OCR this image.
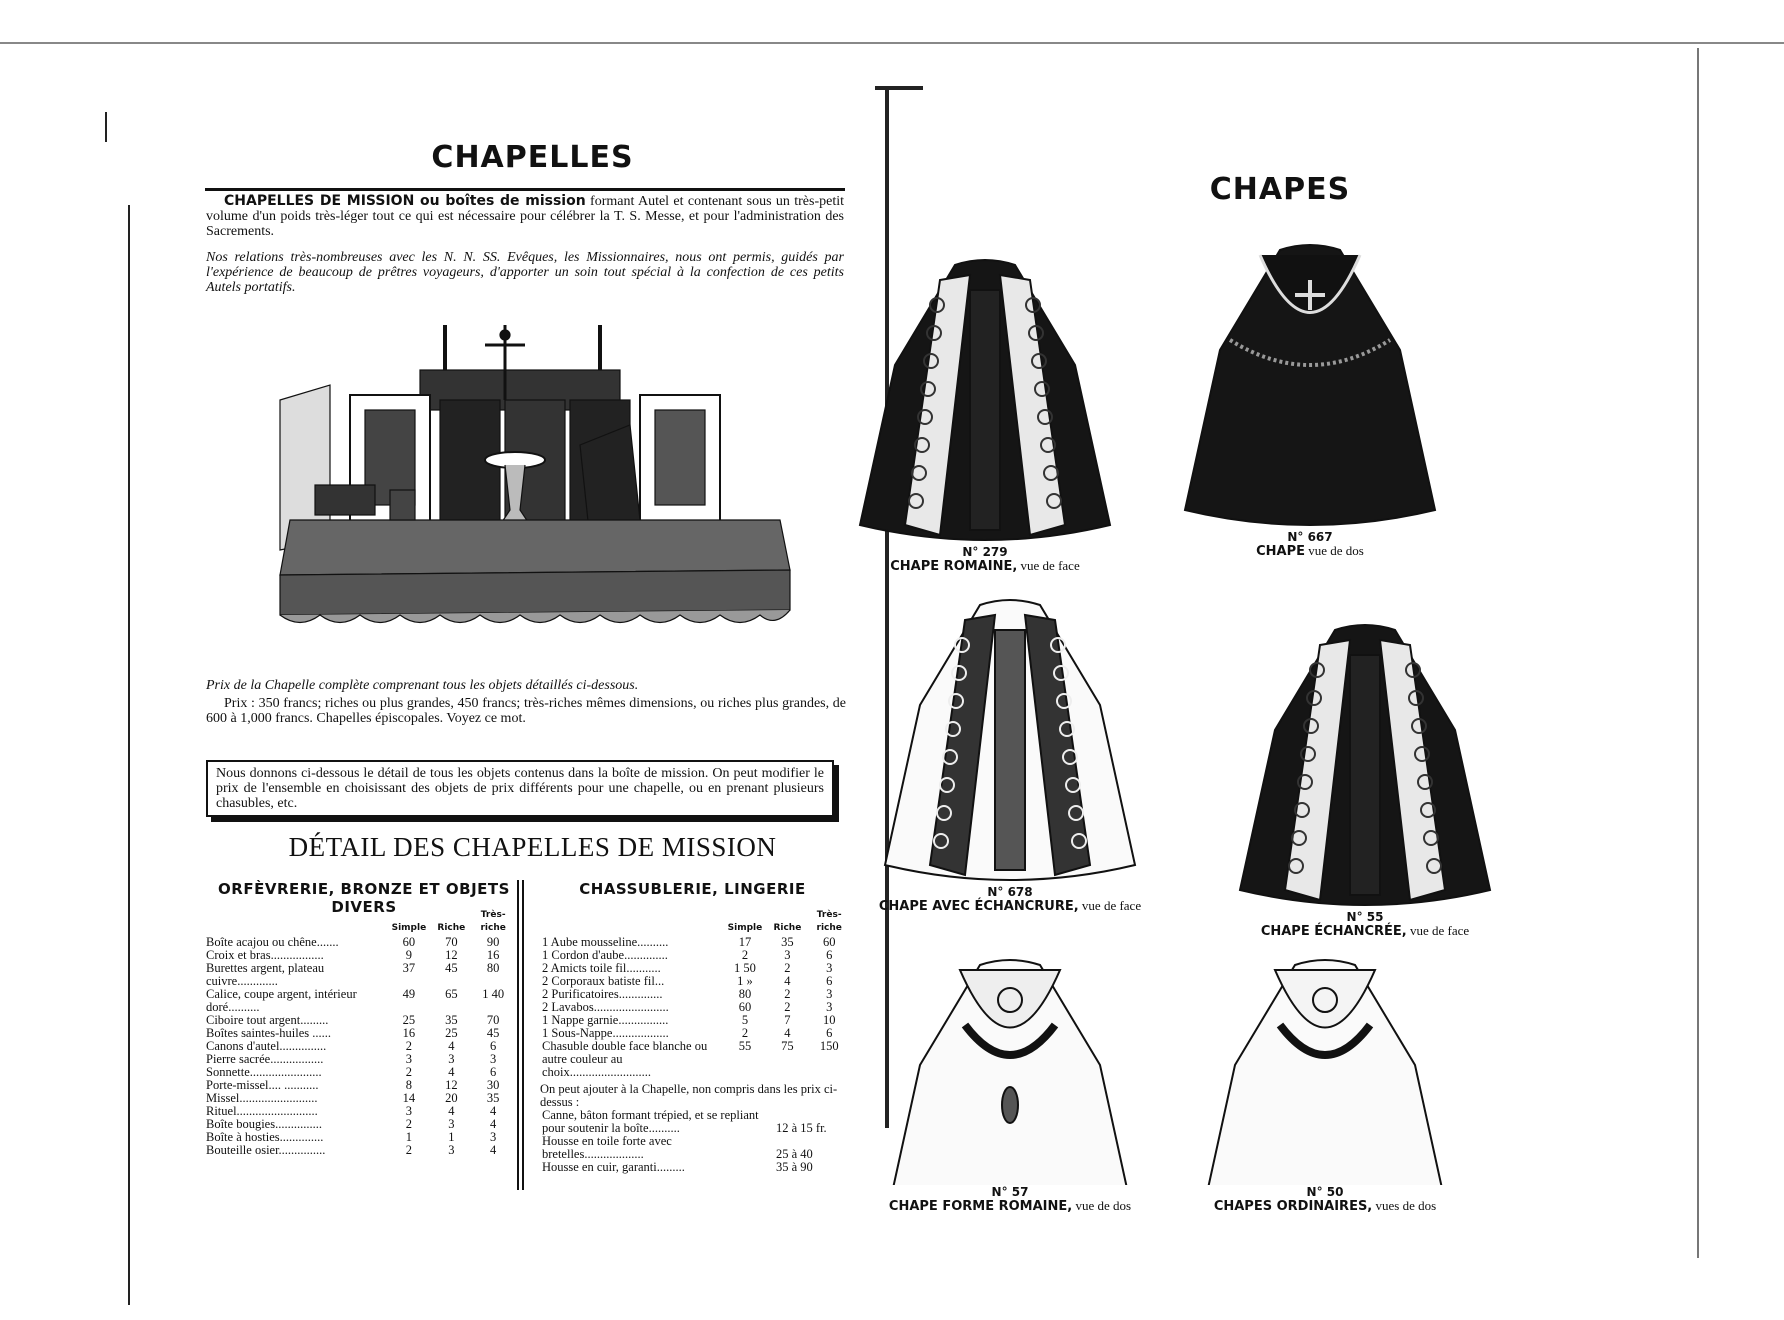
CHAPELLES
CHAPELLES DE MISSION ou boîtes de mission formant Autel et contenant sous un très-petit volume d'un poids très-léger tout ce qui est nécessaire pour célébrer la T. S. Messe, et pour l'administration des Sacrements.
Nos relations très-nombreuses avec les N. N. SS. Evêques, les Missionnaires, nous ont permis, guidés par l'expérience de beaucoup de prêtres voyageurs, d'apporter un soin tout spécial à la confection de ces petits Autels portatifs.
Prix de la Chapelle complète comprenant tous les objets détaillés ci-dessous.
Prix : 350 francs; riches ou plus grandes, 450 francs; très-riches mêmes dimensions, ou riches plus grandes, de 600 à 1,000 francs. Chapelles épiscopales. Voyez ce mot.
Nous donnons ci-dessous le détail de tous les objets contenus dans la boîte de mission. On peut modifier le prix de l'ensemble en choisissant des objets de prix différents pour une chapelle, ou en prenant plusieurs chasubles, etc.
DÉTAIL DES CHAPELLES DE MISSION
ORFÈVRERIE, BRONZE ET OBJETS DIVERS
	Simple	Riche	Très-riche
Boîte acajou ou chêne.......	60	70	90
Croix et bras.................	9	12	16
Burettes argent, plateau cuivre.............	37	45	80
Calice, coupe argent, intérieur doré..........	49	65	1 40
Ciboire tout argent.........	25	35	70
Boîtes saintes-huiles ......	16	25	45
Canons d'autel...............	2	4	6
Pierre sacrée.................	3	3	3
Sonnette.......................	2	4	6
Porte-missel.... ...........	8	12	30
Missel.........................	14	20	35
Rituel..........................	3	4	4
Boîte bougies...............	2	3	4
Boîte à hosties..............	1	1	3
Bouteille osier...............	2	3	4
CHASSUBLERIE, LINGERIE
	Simple	Riche	Très-riche
1 Aube mousseline..........	17	35	60
1 Cordon d'aube..............	2	3	6
2 Amicts toile fil...........	1 50	2	3
2 Corporaux batiste fil...	1 »	4	6
2 Purificatoires..............	80	2	3
2 Lavabos........................	60	2	3
1 Nappe garnie................	5	7	10
1 Sous-Nappe..................	2	4	6
Chasuble double face blanche ou autre couleur au choix..........................	55	75	150
On peut ajouter à la Chapelle, non compris dans les prix ci-dessus :
Canne, bâton formant trépied, et se repliant pour soutenir la boîte..........	12 à 15 fr.
Housse en toile forte avec bretelles...................	25 à 40
Housse en cuir, garanti.........	35 à 90
CHAPES
N° 279
CHAPE ROMAINE, vue de face
N° 667
CHAPE vue de dos
N° 678
CHAPE AVEC ÉCHANCRURE, vue de face
N° 55
CHAPE ÉCHANCRÉE, vue de face
N° 57
CHAPE FORME ROMAINE, vue de dos
N° 50
CHAPES ORDINAIRES, vues de dos
